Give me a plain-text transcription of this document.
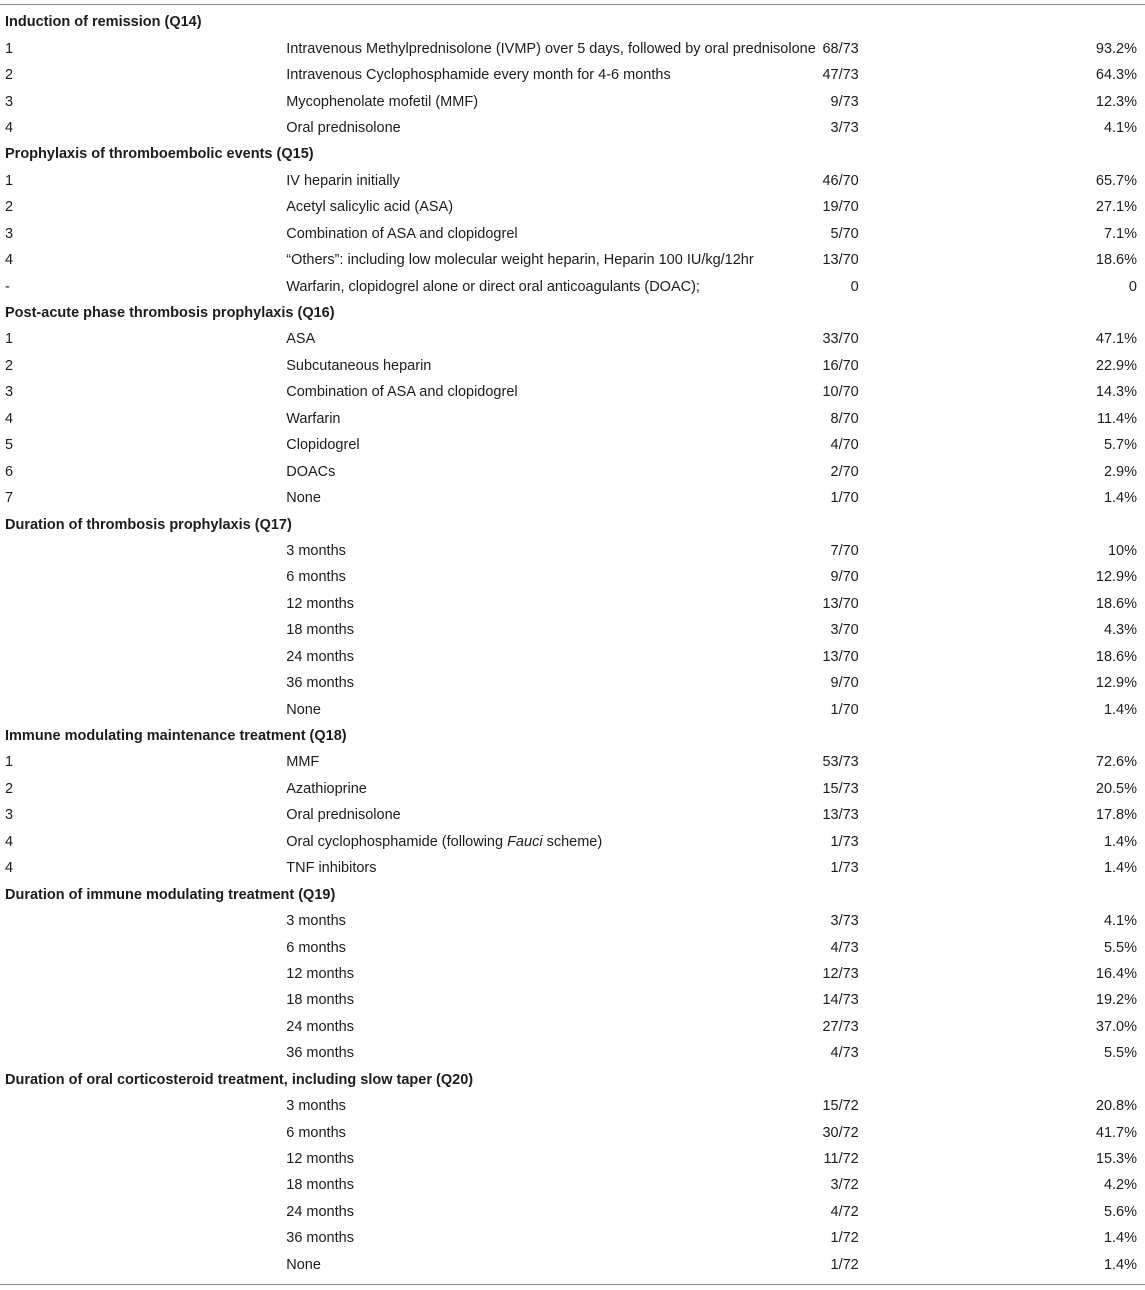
Induction of remission (Q14)			
1	Intravenous Methylprednisolone (IVMP) over 5 days, followed by oral prednisolone	68/73	93.2%
2	Intravenous Cyclophosphamide every month for 4-6 months	47/73	64.3%
3	Mycophenolate mofetil (MMF)	9/73	12.3%
4	Oral prednisolone	3/73	4.1%
Prophylaxis of thromboembolic events (Q15)			
1	IV heparin initially	46/70	65.7%
2	Acetyl salicylic acid (ASA)	19/70	27.1%
3	Combination of ASA and clopidogrel	5/70	7.1%
4	“Others”: including low molecular weight heparin, Heparin 100 IU/kg/12hr	13/70	18.6%
-	Warfarin, clopidogrel alone or direct oral anticoagulants (DOAC);	0	0
Post-acute phase thrombosis prophylaxis (Q16)			
1	ASA	33/70	47.1%
2	Subcutaneous heparin	16/70	22.9%
3	Combination of ASA and clopidogrel	10/70	14.3%
4	Warfarin	8/70	11.4%
5	Clopidogrel	4/70	5.7%
6	DOACs	2/70	2.9%
7	None	1/70	1.4%
Duration of thrombosis prophylaxis (Q17)			
	3 months	7/70	10%
	6 months	9/70	12.9%
	12 months	13/70	18.6%
	18 months	3/70	4.3%
	24 months	13/70	18.6%
	36 months	9/70	12.9%
	None	1/70	1.4%
Immune modulating maintenance treatment (Q18)			
1	MMF	53/73	72.6%
2	Azathioprine	15/73	20.5%
3	Oral prednisolone	13/73	17.8%
4	Oral cyclophosphamide (following Fauci scheme)	1/73	1.4%
4	TNF inhibitors	1/73	1.4%
Duration of immune modulating treatment (Q19)			
	3 months	3/73	4.1%
	6 months	4/73	5.5%
	12 months	12/73	16.4%
	18 months	14/73	19.2%
	24 months	27/73	37.0%
	36 months	4/73	5.5%
Duration of oral corticosteroid treatment, including slow taper (Q20)			
	3 months	15/72	20.8%
	6 months	30/72	41.7%
	12 months	11/72	15.3%
	18 months	3/72	4.2%
	24 months	4/72	5.6%
	36 months	1/72	1.4%
	None	1/72	1.4%
